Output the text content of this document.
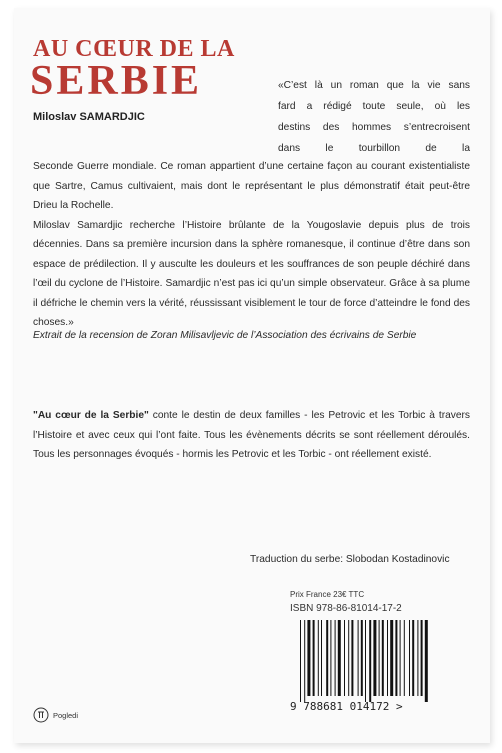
AU CŒUR DE LA
SERBIE
Miloslav SAMARDJIC
«C’est là un roman que la vie sans
fard a rédigé toute seule, où les
destins des hommes s’entrecroisent
dans le tourbillon de la

Seconde Guerre mondiale. Ce roman appartient d’une certaine façon au courant existentialiste que Sartre, Camus cultivaient, mais dont le représentant le plus démonstratif était peut-être Drieu la Rochelle.

Miloslav Samardjic recherche l’Histoire brûlante de la Yougoslavie depuis plus de trois décennies. Dans sa première incursion dans la sphère romanesque, il continue d’être dans son espace de prédilection. Il y ausculte les douleurs et les souffrances de son peuple déchiré dans l’œil du cyclone de l’Histoire. Samardjic n’est pas ici qu’un simple observateur. Grâce à sa plume il défriche le chemin vers la vérité, réussissant visiblement le tour de force d’atteindre le fond des choses.»

Extrait de la recension de Zoran Milisavljevic de l’Association des écrivains de Serbie
"Au cœur de la Serbie" conte le destin de deux familles - les Petrovic et les Torbic à travers l’Histoire et avec ceux qui l’ont faite. Tous les évènements décrits se sont réellement déroulés. Tous les personnages évoqués - hormis les Petrovic et les Torbic - ont réellement existé.
Traduction du serbe: Slobodan Kostadinovic
Prix France 23€ TTC
ISBN 978-86-81014-17-2
9 788681 014172 >
Pogledi
